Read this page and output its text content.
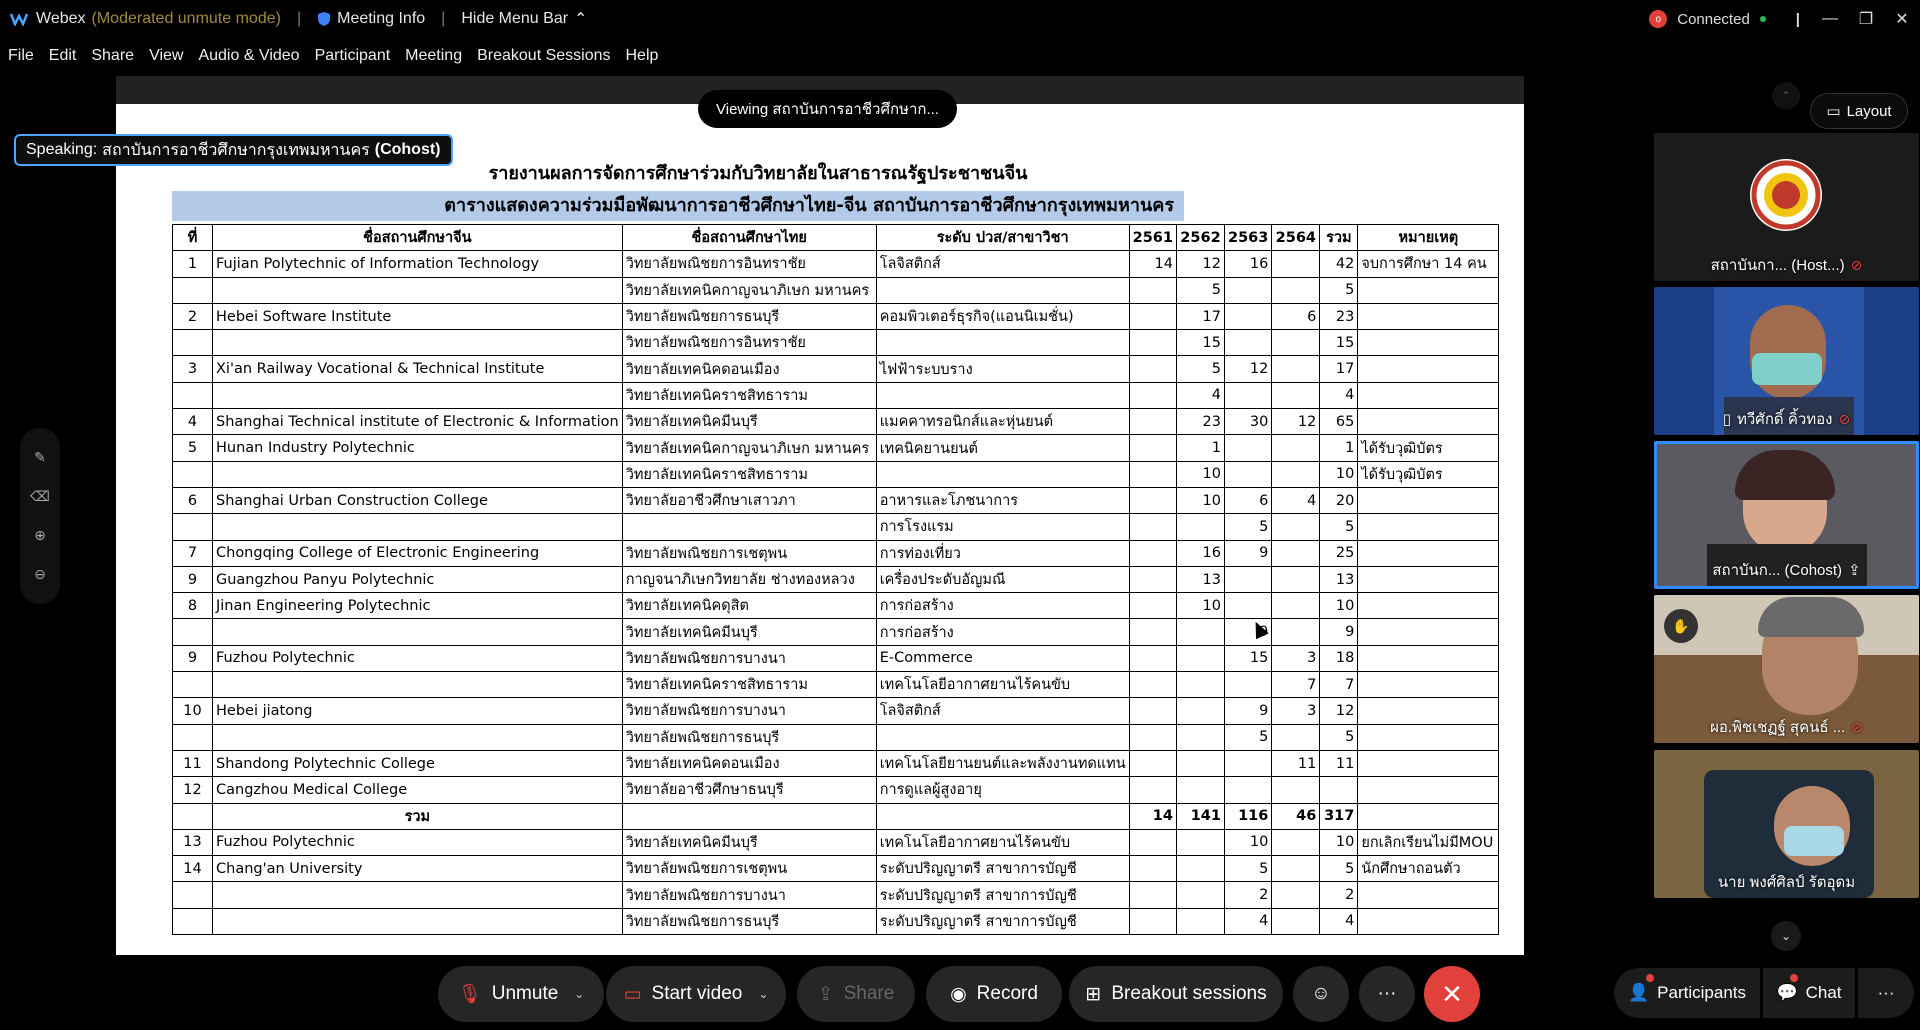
Webex (Moderated unmute mode) | Meeting Info | Hide Menu Bar ⌃	o	Connected	|	—	❐	✕
File Edit Share View Audio & Video Participant Meeting Breakout Sessions Help
รายงานผลการจัดการศึกษาร่วมกับวิทยาลัยในสาธารณรัฐประชาชนจีน
ตารางแสดงความร่วมมือพัฒนาการอาชีวศึกษาไทย-จีน สถาบันการอาชีวศึกษากรุงเทพมหานคร
ที่	ชื่อสถานศึกษาจีน	ชื่อสถานศึกษาไทย	ระดับ ปวส/สาขาวิชา	2561	2562	2563	2564	รวม	หมายเหตุ
1	Fujian Polytechnic of Information Technology	วิทยาลัยพณิชยการอินทราชัย	โลจิสติกส์	14	12	16		42	จบการศึกษา 14 คน
		วิทยาลัยเทคนิคกาญจนาภิเษก มหานคร			5			5	
2	Hebei Software Institute	วิทยาลัยพณิชยการธนบุรี	คอมพิวเตอร์ธุรกิจ(แอนนิเมชั่น)		17		6	23	
		วิทยาลัยพณิชยการอินทราชัย			15			15	
3	Xi'an Railway Vocational & Technical Institute	วิทยาลัยเทคนิคดอนเมือง	ไฟฟ้าระบบราง		5	12		17	
		วิทยาลัยเทคนิคราชสิทธาราม			4			4	
4	Shanghai Technical institute of Electronic & Information	วิทยาลัยเทคนิคมีนบุรี	แมคคาทรอนิกส์และหุ่นยนต์		23	30	12	65	
5	Hunan Industry Polytechnic	วิทยาลัยเทคนิคกาญจนาภิเษก มหานคร	เทคนิคยานยนต์		1			1	ได้รับวุฒิบัตร
		วิทยาลัยเทคนิคราชสิทธาราม			10			10	ได้รับวุฒิบัตร
6	Shanghai Urban Construction College	วิทยาลัยอาชีวศึกษาเสาวภา	อาหารและโภชนาการ		10	6	4	20	
			การโรงแรม			5		5	
7	Chongqing College of Electronic Engineering	วิทยาลัยพณิชยการเชตุพน	การท่องเที่ยว		16	9		25	
9	Guangzhou Panyu Polytechnic	กาญจนาภิเษกวิทยาลัย ช่างทองหลวง	เครื่องประดับอัญมณี		13			13	
8	Jinan Engineering Polytechnic	วิทยาลัยเทคนิคดุสิต	การก่อสร้าง		10			10	
		วิทยาลัยเทคนิคมีนบุรี	การก่อสร้าง			9		9	
9	Fuzhou Polytechnic	วิทยาลัยพณิชยการบางนา	E-Commerce			15	3	18	
		วิทยาลัยเทคนิคราชสิทธาราม	เทคโนโลยีอากาศยานไร้คนขับ				7	7	
10	Hebei jiatong	วิทยาลัยพณิชยการบางนา	โลจิสติกส์			9	3	12	
		วิทยาลัยพณิชยการธนบุรี				5		5	
11	Shandong Polytechnic College	วิทยาลัยเทคนิคดอนเมือง	เทคโนโลยียานยนต์และพลังงานทดแทน				11	11	
12	Cangzhou Medical College	วิทยาลัยอาชีวศึกษาธนบุรี	การดูแลผู้สูงอายุ						
	รวม			14	141	116	46	317	
13	Fuzhou Polytechnic	วิทยาลัยเทคนิคมีนบุรี	เทคโนโลยีอากาศยานไร้คนขับ			10		10	ยกเลิกเรียนไม่มีMOU
14	Chang'an University	วิทยาลัยพณิชยการเชตุพน	ระดับปริญญาตรี สาขาการบัญชี			5		5	นักศึกษาถอนตัว
		วิทยาลัยพณิชยการบางนา	ระดับปริญญาตรี สาขาการบัญชี			2		2	
		วิทยาลัยพณิชยการธนบุรี	ระดับปริญญาตรี สาขาการบัญชี			4		4	
Viewing สถาบันการอาชีวศึกษาก...
Speaking: สถาบันการอาชีวศึกษากรุงเทพมหานคร (Cohost)
✎
⌫
⊕
⊖
⌃
▭ Layout
สถาบันกา... (Host...) ⊘
▯ ทวีศักดิ์ คิ้วทอง ⊘
สถาบันก... (Cohost) ⇪
✋
ผอ.พิชเชฏฐ์ สุคนธ์ ... ⊘
นาย พงศ์ศิลป์ รัตอุดม
⌄
🎙 Unmute ⌄ ▭ Start video ⌄	⇪ Share	◉ Record ⊞ Breakout sessions ☺ ··· ✕	👤 Participants 💬 Chat ···
